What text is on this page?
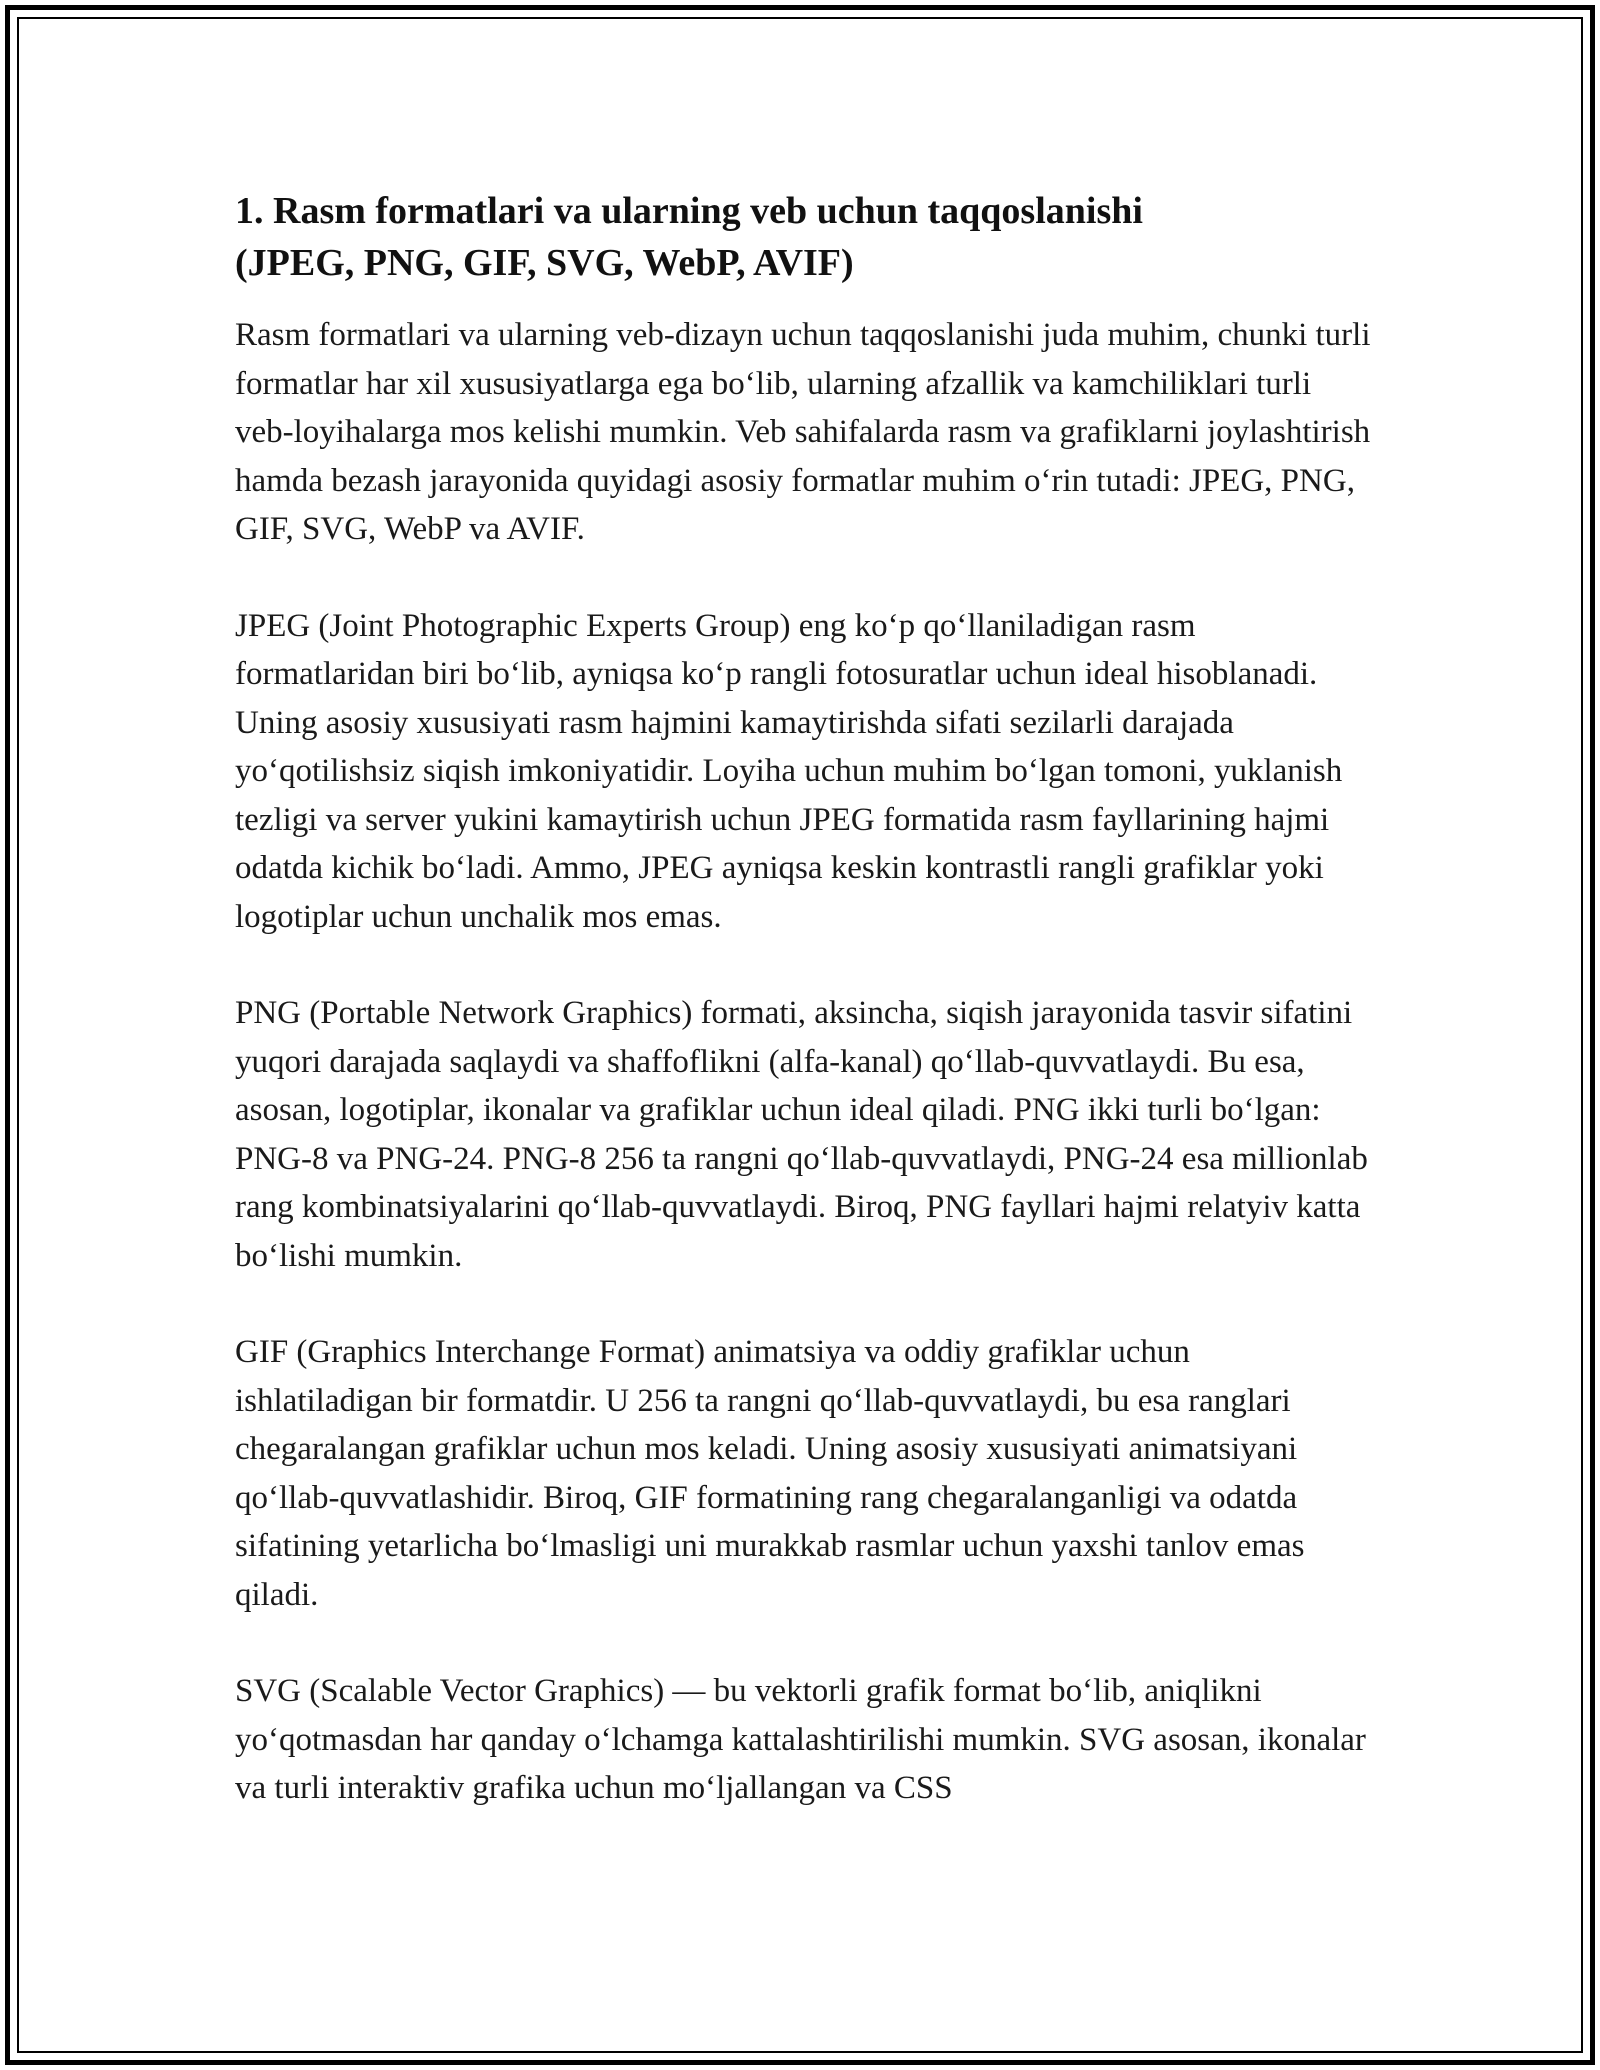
1. Rasm formatlari va ularning veb uchun taqqoslanishi
(JPEG, PNG, GIF, SVG, WebP, AVIF)

Rasm formatlari va ularning veb-dizayn uchun taqqoslanishi juda muhim, chunki turli formatlar har xil xususiyatlarga ega boʻlib, ularning afzallik va kamchiliklari turli veb-loyihalarga mos kelishi mumkin. Veb sahifalarda rasm va grafiklarni joylashtirish hamda bezash jarayonida quyidagi asosiy formatlar muhim oʻrin tutadi: JPEG, PNG, GIF, SVG, WebP va AVIF.

JPEG (Joint Photographic Experts Group) eng koʻp qoʻllaniladigan rasm formatlaridan biri boʻlib, ayniqsa koʻp rangli fotosuratlar uchun ideal hisoblanadi. Uning asosiy xususiyati rasm hajmini kamaytirishda sifati sezilarli darajada yoʻqotilishsiz siqish imkoniyatidir. Loyiha uchun muhim boʻlgan tomoni, yuklanish tezligi va server yukini kamaytirish uchun JPEG formatida rasm fayllarining hajmi odatda kichik boʻladi. Ammo, JPEG ayniqsa keskin kontrastli rangli grafiklar yoki logotiplar uchun unchalik mos emas.

PNG (Portable Network Graphics) formati, aksincha, siqish jarayonida tasvir sifatini yuqori darajada saqlaydi va shaffoflikni (alfa-kanal) qoʻllab-quvvatlaydi. Bu esa, asosan, logotiplar, ikonalar va grafiklar uchun ideal qiladi. PNG ikki turli boʻlgan: PNG-8 va PNG-24. PNG-8 256 ta rangni qoʻllab-quvvatlaydi, PNG-24 esa millionlab rang kombinatsiyalarini qoʻllab-quvvatlaydi. Biroq, PNG fayllari hajmi relatyiv katta boʻlishi mumkin.

GIF (Graphics Interchange Format) animatsiya va oddiy grafiklar uchun ishlatiladigan bir formatdir. U 256 ta rangni qoʻllab-quvvatlaydi, bu esa ranglari chegaralangan grafiklar uchun mos keladi. Uning asosiy xususiyati animatsiyani qoʻllab-quvvatlashidir. Biroq, GIF formatining rang chegaralanganligi va odatda sifatining yetarlicha boʻlmasligi uni murakkab rasmlar uchun yaxshi tanlov emas qiladi.

SVG (Scalable Vector Graphics) — bu vektorli grafik format boʻlib, aniqlikni yoʻqotmasdan har qanday oʻlchamga kattalashtirilishi mumkin. SVG asosan, ikonalar va turli interaktiv grafika uchun moʻljallangan va CSS
